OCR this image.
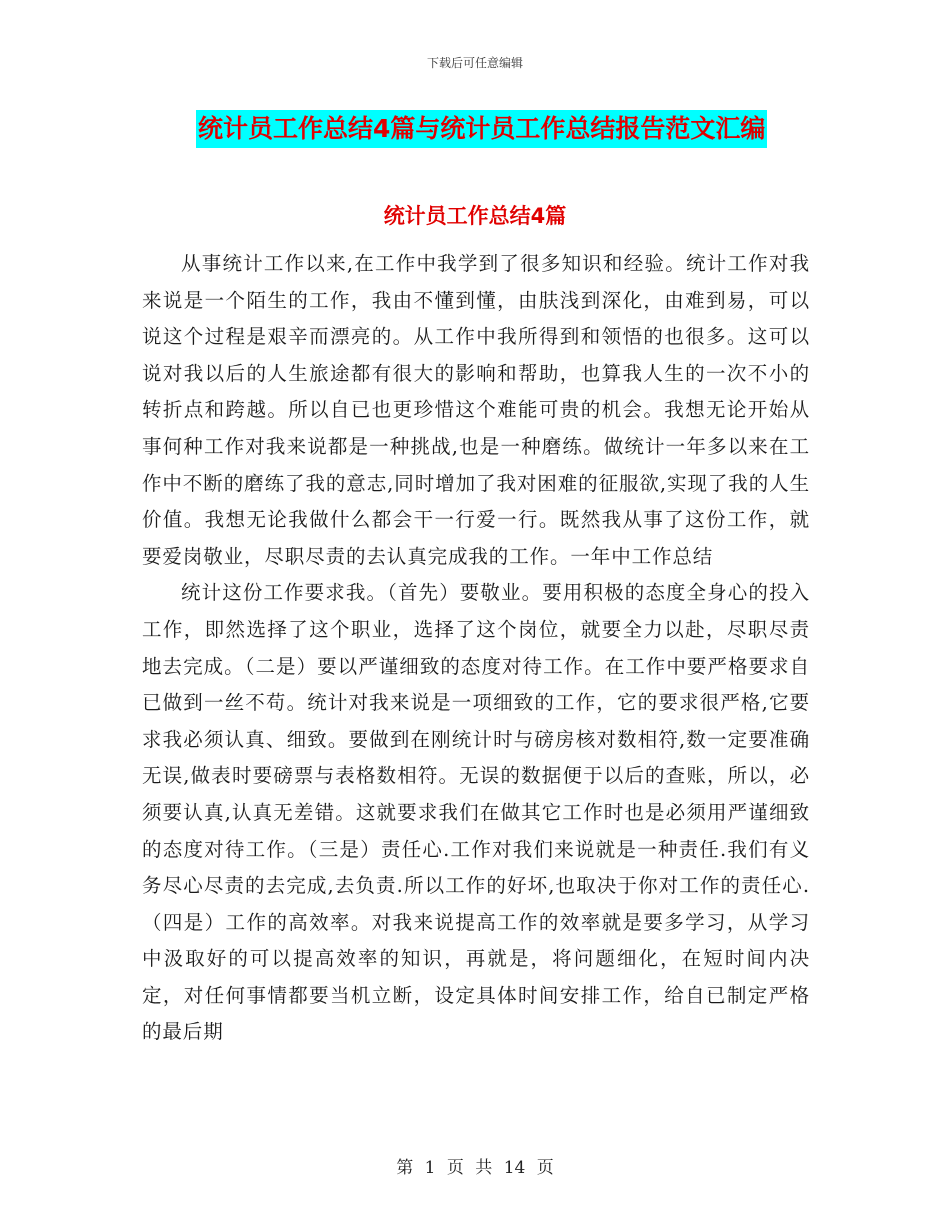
下载后可任意编辑
统计员工作总结4篇与统计员工作总结报告范文汇编
统计员工作总结4篇

从事统计工作以来,在工作中我学到了很多知识和经验。统计工作对我来说是一个陌生的工作，我由不懂到懂，由肤浅到深化，由难到易，可以说这个过程是艰辛而漂亮的。从工作中我所得到和领悟的也很多。这可以说对我以后的人生旅途都有很大的影响和帮助，也算我人生的一次不小的转折点和跨越。所以自已也更珍惜这个难能可贵的机会。我想无论开始从事何种工作对我来说都是一种挑战,也是一种磨练。做统计一年多以来在工作中不断的磨练了我的意志,同时增加了我对困难的征服欲,实现了我的人生价值。我想无论我做什么都会干一行爱一行。既然我从事了这份工作，就要爱岗敬业，尽职尽责的去认真完成我的工作。一年中工作总结

统计这份工作要求我。（首先）要敬业。要用积极的态度全身心的投入工作，即然选择了这个职业，选择了这个岗位，就要全力以赴，尽职尽责地去完成。（二是）要以严谨细致的态度对待工作。在工作中要严格要求自已做到一丝不苟。统计对我来说是一项细致的工作，它的要求很严格,它要求我必须认真、细致。要做到在刚统计时与磅房核对数相符,数一定要准确无误,做表时要磅票与表格数相符。无误的数据便于以后的查账，所以，必须要认真,认真无差错。这就要求我们在做其它工作时也是必须用严谨细致的态度对待工作。（三是）责任心.工作对我们来说就是一种责任.我们有义务尽心尽责的去完成,去负责.所以工作的好坏,也取决于你对工作的责任心.（四是）工作的高效率。对我来说提高工作的效率就是要多学习，从学习中汲取好的可以提高效率的知识，再就是，将问题细化，在短时间内决定，对任何事情都要当机立断，设定具体时间安排工作，给自已制定严格的最后期

第 1 页 共 14 页
